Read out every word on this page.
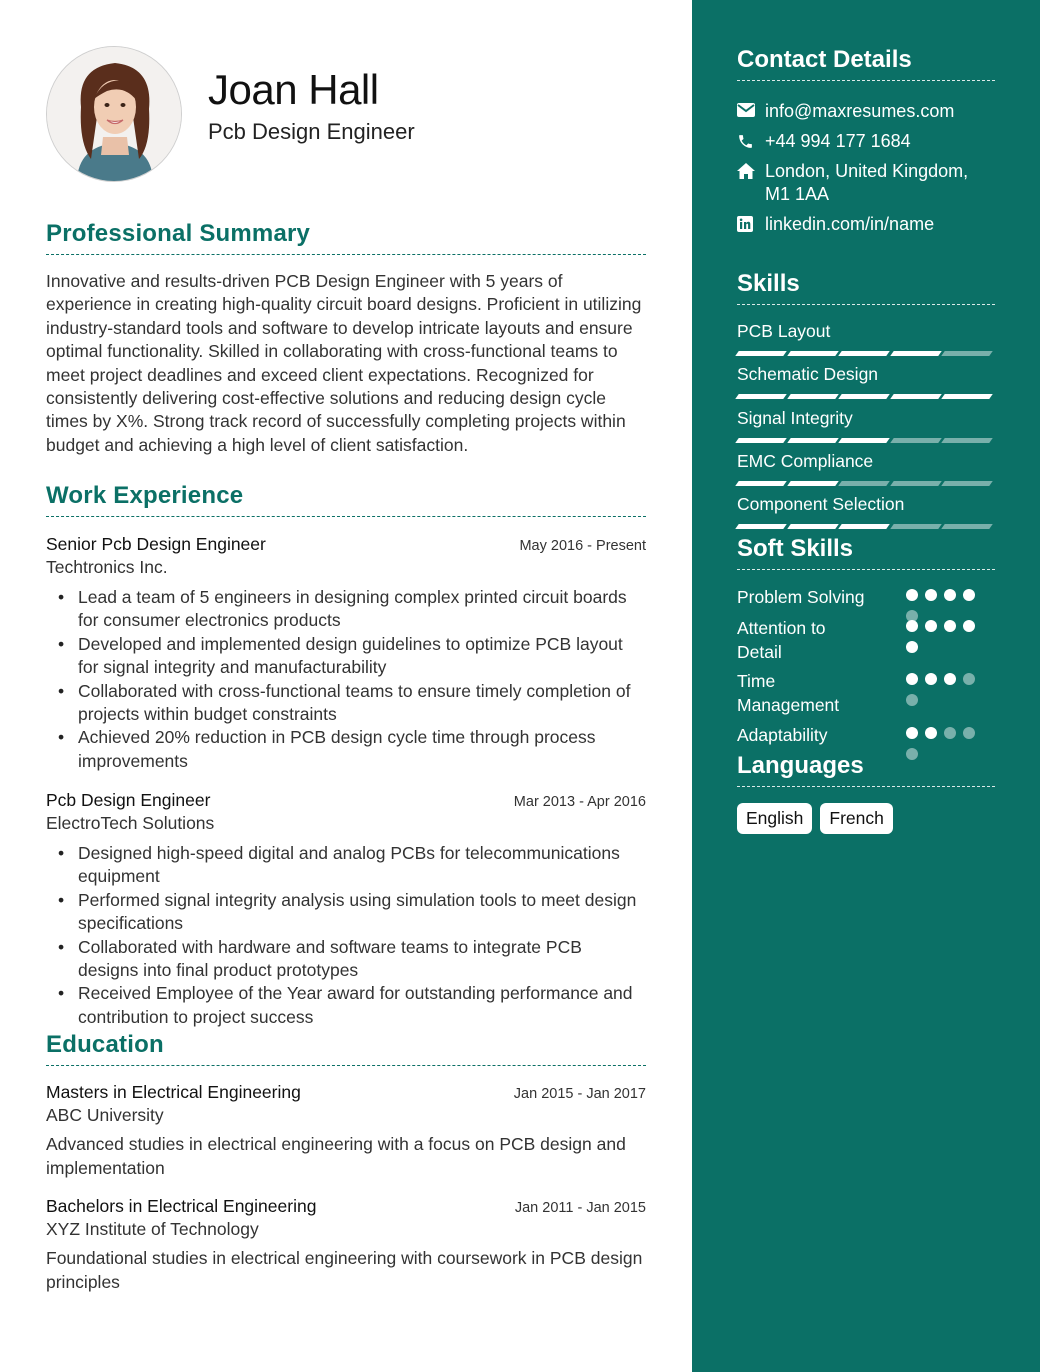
Joan Hall
Pcb Design Engineer
Professional Summary
Innovative and results-driven PCB Design Engineer with 5 years of experience in creating high-quality circuit board designs. Proficient in utilizing industry-standard tools and software to develop intricate layouts and ensure optimal functionality. Skilled in collaborating with cross-functional teams to meet project deadlines and exceed client expectations. Recognized for consistently delivering cost-effective solutions and reducing design cycle times by X%. Strong track record of successfully completing projects within budget and achieving a high level of client satisfaction.
Work Experience
Senior Pcb Design Engineer	May 2016 - Present
Techtronics Inc.
• Lead a team of 5 engineers in designing complex printed circuit boards for consumer electronics products
• Developed and implemented design guidelines to optimize PCB layout for signal integrity and manufacturability
• Collaborated with cross-functional teams to ensure timely completion of projects within budget constraints
• Achieved 20% reduction in PCB design cycle time through process improvements
Pcb Design Engineer	Mar 2013 - Apr 2016
ElectroTech Solutions
• Designed high-speed digital and analog PCBs for telecommunications equipment
• Performed signal integrity analysis using simulation tools to meet design specifications
• Collaborated with hardware and software teams to integrate PCB designs into final product prototypes
• Received Employee of the Year award for outstanding performance and contribution to project success
Education
Masters in Electrical Engineering	Jan 2015 - Jan 2017
ABC University
Advanced studies in electrical engineering with a focus on PCB design and implementation
Bachelors in Electrical Engineering	Jan 2011 - Jan 2015
XYZ Institute of Technology
Foundational studies in electrical engineering with coursework in PCB design principles
Contact Details
info@maxresumes.com
+44 994 177 1684
London, United Kingdom, M1 1AA
linkedin.com/in/name
Skills
PCB Layout
Schematic Design
Signal Integrity
EMC Compliance
Component Selection
Soft Skills
Problem Solving
Attention to Detail
Time Management
Adaptability
Languages
English	French
